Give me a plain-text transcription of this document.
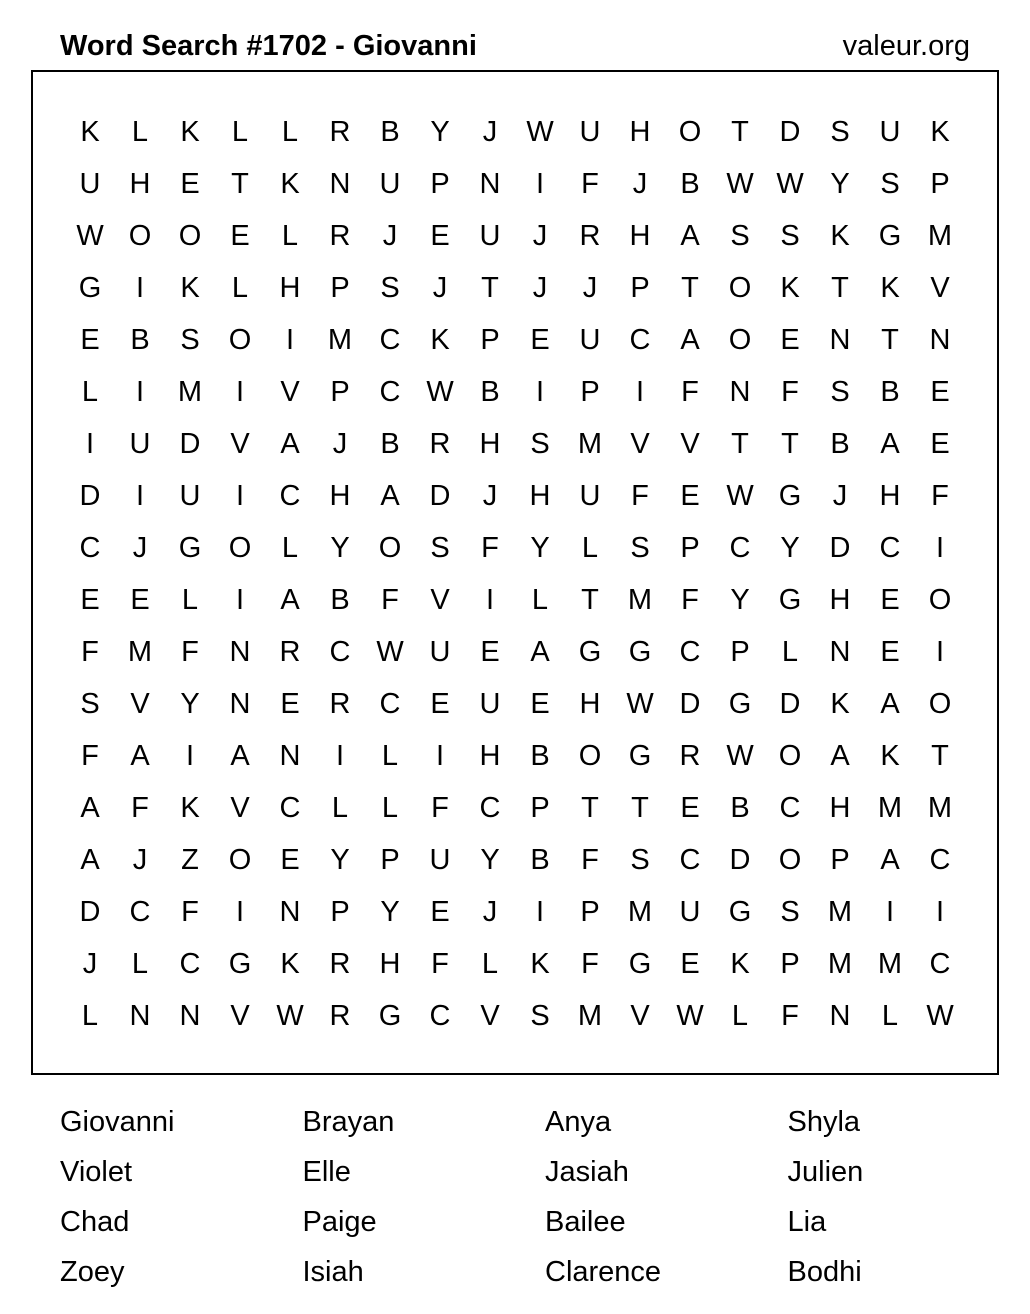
Word Search #1702 - Giovanni	valeur.org
K	L	K	L	L	R	B	Y	J	W U	H O	T	D	S	U	K
U	H	E	T	K	N	U	P	N	I	F	J	B W W Y	S	P
W O O	E	L	R	J	E	U	J	R	H	A	S	S	K	G M
G	I	K	L	H	P	S	J	T	J	J	P	T	O	K	T	K	V
E	B	S	O	I	M C	K	P	E	U	C	A	O	E	N	T	N
L	I	M	I	V	P	C W B	I	P	I	F	N	F	S	B	E
I	U	D	V	A	J	B	R	H	S M V	V	T	T	B	A	E
D	I	U	I	C	H	A	D	J	H	U	F	E W G	J	H	F
C	J	G O	L	Y	O	S	F	Y	L	S	P	C	Y	D	C	I
E	E	L	I	A	B	F	V	I	L	T	M	F	Y	G H	E	O
F	M	F	N	R	C W U	E	A	G G C	P	L	N	E	I
S	V	Y	N	E	R	C	E	U	E	H W D G D	K	A	O
F	A	I	A	N	I	L	I	H	B	O G R W O	A	K	T
A	F	K	V	C	L	L	F	C	P	T	T	E	B	C	H M M
A	J	Z	O	E	Y	P	U	Y	B	F	S	C	D O	P	A	C
D	C	F	I	N	P	Y	E	J	I	P M U G	S M	I	I
J	L	C G	K	R	H	F	L	K	F	G	E	K	P M M C
L	N	N	V W R G C	V	S M V W L	F	N	L W
Giovanni	Brayan	Anya	Shyla
Violet	Elle	Jasiah	Julien
Chad	Paige	Bailee	Lia
Zoey	Isiah	Clarence	Bodhi
